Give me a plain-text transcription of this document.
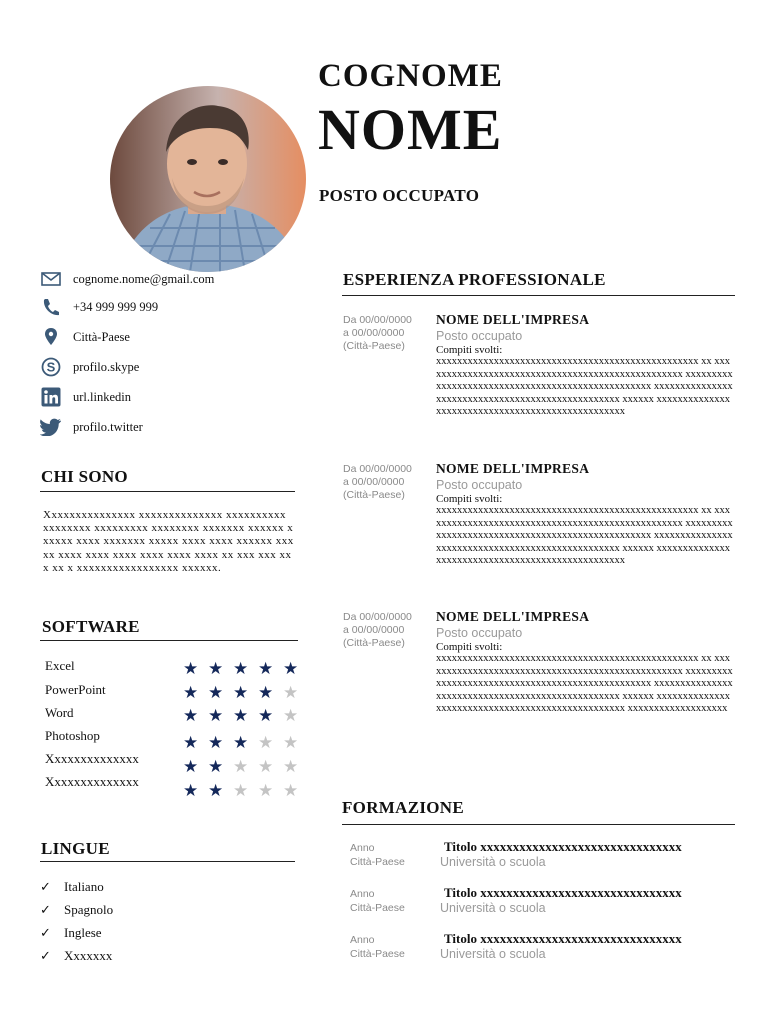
COGNOME
NOME
POSTO OCCUPATO
cognome.nome@gmail.com
+34 999 999 999
Città-Paese
S profilo.skype
url.linkedin
profilo.twitter
CHI SONO
Xxxxxxxxxxxxxxx xxxxxxxxxxxxxx xxxxxxxxxx xxxxxxxx xxxxxxxxx xxxxxxxx xxxxxxx xxxxxx xxxxxx xxxx xxxxxxx xxxxx xxxx xxxx xxxxxx xxxxx xxxx xxxx xxxx xxxx xxxx xxxx xx xxx xxx xxx xx x xxxxxxxxxxxxxxxxx xxxxxx.
SOFTWARE
Excel	★ ★ ★ ★ ★
PowerPoint	★ ★ ★ ★ ★
Word	★ ★ ★ ★ ★
Photoshop	★ ★ ★ ★ ★
Xxxxxxxxxxxxxx	★ ★ ★ ★ ★
Xxxxxxxxxxxxxx	★ ★ ★ ★ ★
LINGUE
✓	Italiano
✓	Spagnolo
✓	Inglese
✓	Xxxxxxx
ESPERIENZA PROFESSIONALE
Da 00/00/0000
a 00/00/0000
(Città-Paese)
NOME DELL'IMPRESA
Posto occupato
Compiti svolti:
xxxxxxxxxxxxxxxxxxxxxxxxxxxxxxxxxxxxxxxxxxxxxxxxxx xx xxxxxxxxxxxxxxxxxxxxxxxxxxxxxxxxxxxxxxxxxxxxxxxxxx xxxxxxxxxxxxxxxxxxxxxxxxxxxxxxxxxxxxxxxxxxxxxxxxxx xxxxxxxxxxxxxxxxxxxxxxxxxxxxxxxxxxxxxxxxxxxxxxxxxx xxxxxx xxxxxxxxxxxxxxxxxxxxxxxxxxxxxxxxxxxxxxxxxxxxxxxxxx
Da 00/00/0000
a 00/00/0000
(Città-Paese)
NOME DELL'IMPRESA
Posto occupato
Compiti svolti:
xxxxxxxxxxxxxxxxxxxxxxxxxxxxxxxxxxxxxxxxxxxxxxxxxx xx xxxxxxxxxxxxxxxxxxxxxxxxxxxxxxxxxxxxxxxxxxxxxxxxxx xxxxxxxxxxxxxxxxxxxxxxxxxxxxxxxxxxxxxxxxxxxxxxxxxx xxxxxxxxxxxxxxxxxxxxxxxxxxxxxxxxxxxxxxxxxxxxxxxxxx xxxxxx xxxxxxxxxxxxxxxxxxxxxxxxxxxxxxxxxxxxxxxxxxxxxxxxxx
Da 00/00/0000
a 00/00/0000
(Città-Paese)
NOME DELL'IMPRESA
Posto occupato
Compiti svolti:
xxxxxxxxxxxxxxxxxxxxxxxxxxxxxxxxxxxxxxxxxxxxxxxxxx xx xxxxxxxxxxxxxxxxxxxxxxxxxxxxxxxxxxxxxxxxxxxxxxxxxx xxxxxxxxxxxxxxxxxxxxxxxxxxxxxxxxxxxxxxxxxxxxxxxxxx xxxxxxxxxxxxxxxxxxxxxxxxxxxxxxxxxxxxxxxxxxxxxxxxxx xxxxxx xxxxxxxxxxxxxxxxxxxxxxxxxxxxxxxxxxxxxxxxxxxxxxxxxx xxxxxxxxxxxxxxxxxxx
FORMAZIONE
Anno
Città-Paese
Titolo xxxxxxxxxxxxxxxxxxxxxxxxxxxxxxx
Università o scuola
Anno
Città-Paese
Titolo xxxxxxxxxxxxxxxxxxxxxxxxxxxxxxx
Università o scuola
Anno
Città-Paese
Titolo xxxxxxxxxxxxxxxxxxxxxxxxxxxxxxx
Università o scuola
